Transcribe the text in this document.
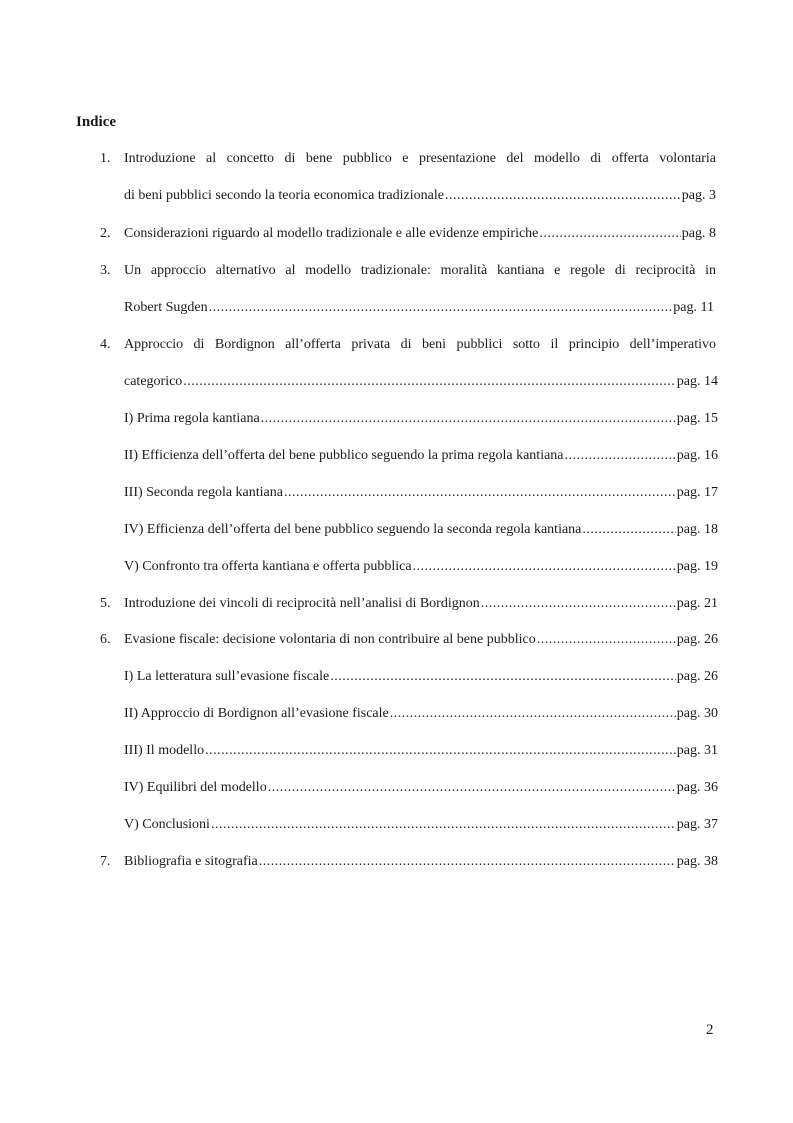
Indice
1. Introduzione al concetto di bene pubblico e presentazione del modello di offerta volontaria
di beni pubblici secondo la teoria economica tradizionale .....	pag. 3
2. Considerazioni riguardo al modello tradizionale e alle evidenze empiriche .....	pag. 8
3. Un approccio alternativo al modello tradizionale: moralità kantiana e regole di reciprocità in
Robert Sugden .....	pag. 11
4. Approccio di Bordignon all’offerta privata di beni pubblici sotto il principio dell’imperativo
categorico .....	pag. 14
I) Prima regola kantiana .....	pag. 15
II) Efficienza dell’offerta del bene pubblico seguendo la prima regola kantiana .....	pag. 16
III) Seconda regola kantiana .....	pag. 17
IV) Efficienza dell’offerta del bene pubblico seguendo la seconda regola kantiana .....	pag. 18
V) Confronto tra offerta kantiana e offerta pubblica .....	pag. 19
5. Introduzione dei vincoli di reciprocità nell’analisi di Bordignon .....	pag. 21
6. Evasione fiscale: decisione volontaria di non contribuire al bene pubblico .....	pag. 26
I) La letteratura sull’evasione fiscale .....	pag. 26
II) Approccio di Bordignon all’evasione fiscale .....	pag. 30
III) Il modello .....	pag. 31
IV) Equilibri del modello .....	pag. 36
V) Conclusioni .....	pag. 37
7. Bibliografia e sitografia .....	pag. 38
2
